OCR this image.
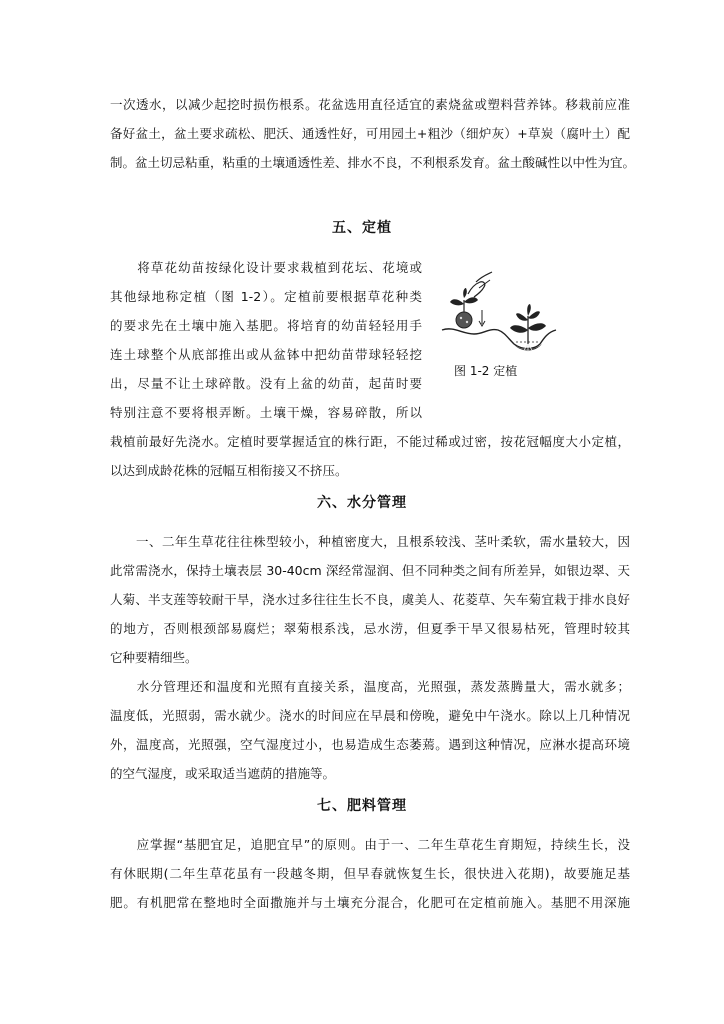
一次透水，以减少起挖时损伤根系。花盆选用直径适宜的素烧盆或塑料营养钵。移栽前应准
备好盆土，盆土要求疏松、肥沃、通透性好，可用园土+粗沙（细炉灰）+草炭（腐叶土）配
制。盆土切忌粘重，粘重的土壤通透性差、排水不良，不利根系发育。盆土酸碱性以中性为宜。
五、定植
　　将草花幼苗按绿化设计要求栽植到花坛、花境或
其他绿地称定植（图 1-2）。定植前要根据草花种类
的要求先在土壤中施入基肥。将培育的幼苗轻轻用手
连土球整个从底部推出或从盆钵中把幼苗带球轻轻挖
出，尽量不让土球碎散。没有上盆的幼苗，起苗时要
特别注意不要将根弄断。土壤干燥，容易碎散，所以
栽植前最好先浇水。定植时要掌握适宜的株行距，不能过稀或过密，按花冠幅度大小定植，
以达到成龄花株的冠幅互相衔接又不挤压。
图 1-2 定植
六、水分管理
　　一、二年生草花往往株型较小，种植密度大，且根系较浅、茎叶柔软，需水量较大，因
此常需浇水，保持土壤表层 30-40cm 深经常湿润、但不同种类之间有所差异，如银边翠、天
人菊、半支莲等较耐干旱，浇水过多往往生长不良，虞美人、花菱草、矢车菊宜栽于排水良好
的地方，否则根颈部易腐烂；翠菊根系浅，忌水涝，但夏季干旱又很易枯死，管理时较其
它种要精细些。
　　水分管理还和温度和光照有直接关系，温度高，光照强，蒸发蒸腾量大，需水就多；
温度低，光照弱，需水就少。浇水的时间应在早晨和傍晚，避免中午浇水。除以上几种情况
外，温度高，光照强，空气湿度过小，也易造成生态萎蔫。遇到这种情况，应淋水提高环境
的空气湿度，或采取适当遮荫的措施等。
七、肥料管理
　　应掌握“基肥宜足，追肥宜早”的原则。由于一、二年生草花生育期短，持续生长，没
有休眠期(二年生草花虽有一段越冬期，但早春就恢复生长，很快进入花期)，故要施足基
肥。有机肥常在整地时全面撒施并与土壤充分混合，化肥可在定植前施入。基肥不用深施
